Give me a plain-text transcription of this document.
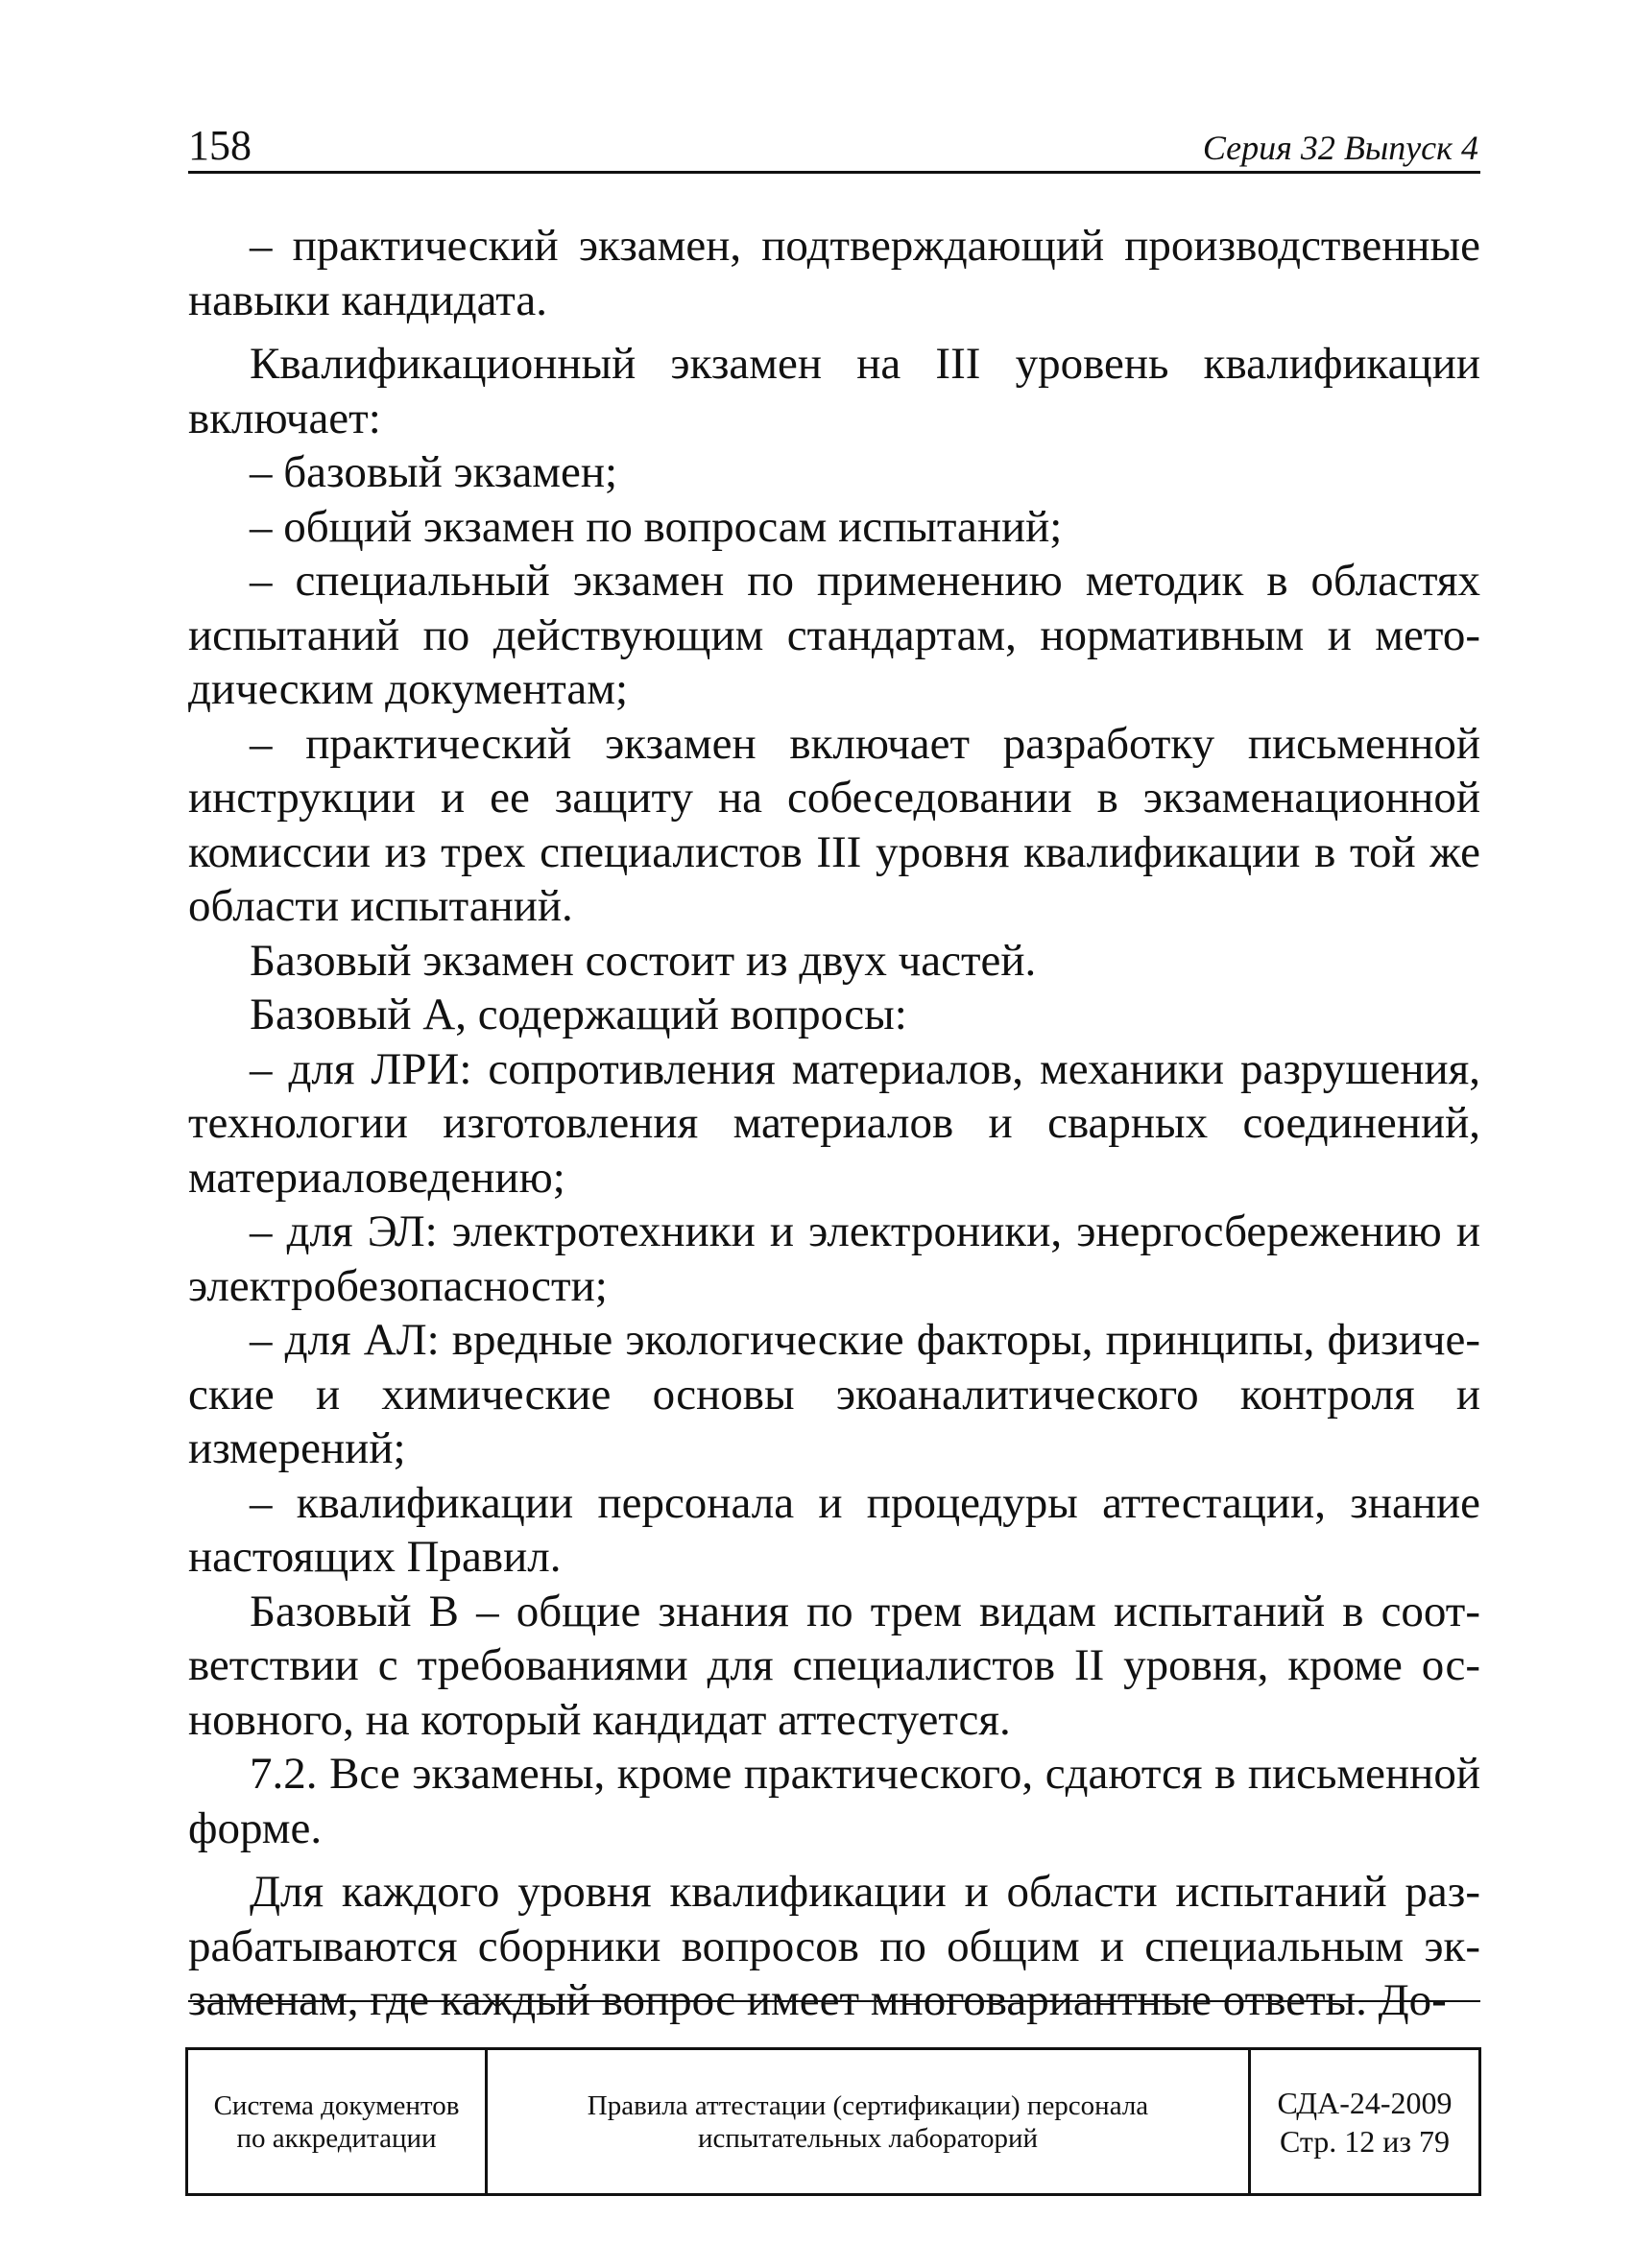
158	Серия 32 Выпуск 4

– практический экзамен, подтверждающий производственные навыки кандидата.

Квалификационный экзамен на III уровень квалификации включает:

– базовый экзамен;

– общий экзамен по вопросам испытаний;

– специальный экзамен по применению методик в областях испытаний по действующим стандартам, нормативным и методическим документам;

– практический экзамен включает разработку письменной инструкции и ее защиту на собеседовании в экзаменационной комиссии из трех специалистов III уровня квалификации в той же области испытаний.

Базовый экзамен состоит из двух частей.

Базовый А, содержащий вопросы:

– для ЛРИ: сопротивления материалов, механики разрушения, технологии изготовления материалов и сварных соединений, материаловедению;

– для ЭЛ: электротехники и электроники, энергосбережению и электробезопасности;

– для АЛ: вредные экологические факторы, принципы, физические и химические основы экоаналитического контроля и измерений;

– квалификации персонала и процедуры аттестации, знание настоящих Правил.

Базовый В – общие знания по трем видам испытаний в соответствии с требованиями для специалистов II уровня, кроме основного, на который кандидат аттестуется.

7.2. Все экзамены, кроме практического, сдаются в письменной форме.

Для каждого уровня квалификации и области испытаний разрабатываются сборники вопросов по общим и специальным экзаменам, где каждый вопрос имеет многовариантные ответы. До-

Система документов
по аккредитации
Правила аттестации (сертификации) персонала
испытательных лабораторий
СДА-24-2009
Стр. 12 из 79
